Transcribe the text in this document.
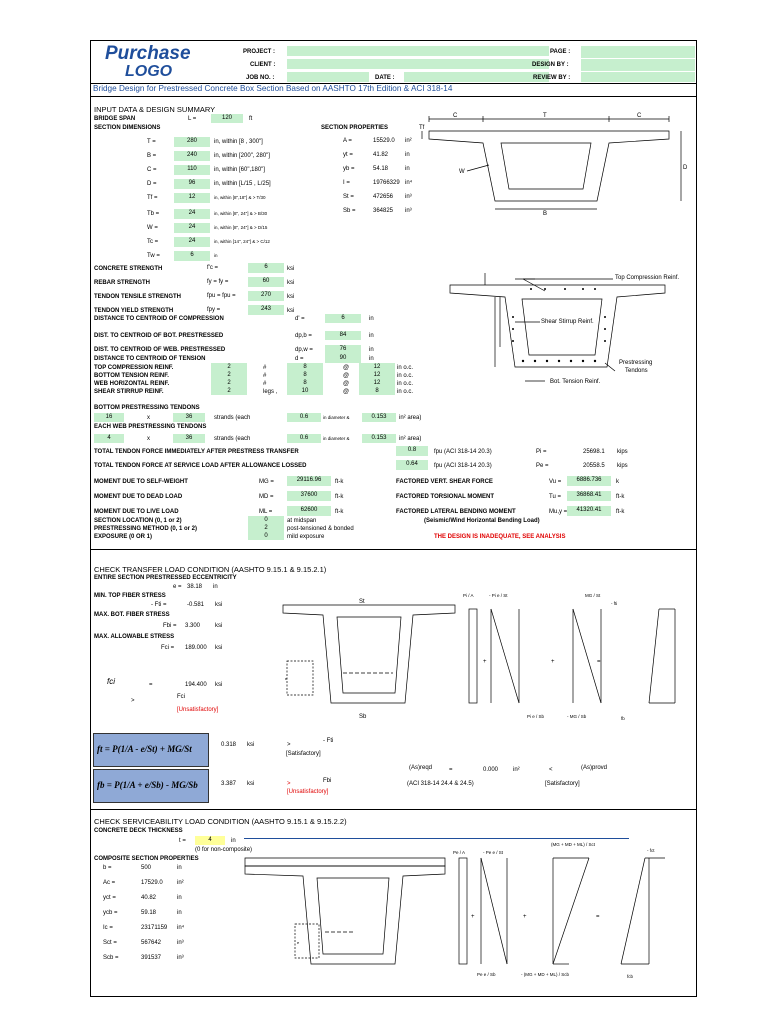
Purchase
LOGO
PROJECT :
CLIENT :
JOB NO. :	DATE :
PAGE :
DESIGN BY :
REVIEW BY :
Bridge Design for Prestressed Concrete Box Section Based on AASHTO 17th Edition & ACI 318-14
INPUT DATA & DESIGN SUMMARY
BRIDGE SPAN	L =	120	ft
SECTION DIMENSIONS	SECTION PROPERTIES
T =	280	in, within [8 , 300"]
B =	240	in, within [200", 280"]
C =	110	in, within [60",180"]
D =	96	in, within [L/15 , L/25]
Tf =	12	in, within [8",18"] & > T/30
Tb =	24	in, within [8", 24"] & > B/30
W =	24	in, within [8", 24"] & > D/15
Tc =	24	in, within [14", 24"] & > C/12
Tw =	6	in
A =	15529.0 in²
yt =	41.82	in
yb =	54.18	in
I =	19766329 in⁴
St =	472656 in³
Sb =	364825 in³
CONCRETE STRENGTH	f'c =	6	ksi
REBAR STRENGTH	fy = fy =	60	ksi
TENDON TENSILE STRENGTH	fpu = fpu =	270	ksi
TENDON YIELD STRENGTH	fpy =	243	ksi
DISTANCE TO CENTROID OF COMPRESSION	d' =	6	in
DIST. TO CENTROID OF BOT. PRESTRESSED	dp,b =	84	in
DIST. TO CENTROID OF WEB. PRESTRESSED	dp,w =	76	in
DISTANCE TO CENTROID OF TENSION	d =	90	in
TOP COMPRESSION REINF.	2	#	8	@	12	in o.c.
BOTTOM TENSION REINF.	2	#	8	@	12	in o.c.
WEB HORIZONTAL REINF.	2	#	8	@	12	in o.c.
SHEAR STIRRUP REINF.	2	legs ,	10	@	8	in o.c.
BOTTOM PRESTRESSING TENDONS
16	x	36	strands (each	0.6	in diameter &	0.153	in² area)
EACH WEB PRESTRESSING TENDONS
4	x	36	strands (each	0.6	in diameter &	0.153	in² area)
TOTAL TENDON FORCE IMMEDIATELY AFTER PRESTRESS TRANSFER	0.8	fpu (ACI 318-14 20.3)	Pi =	25698.1 kips
TOTAL TENDON FORCE AT SERVICE LOAD AFTER ALLOWANCE LOSSED	0.64	fpu (ACI 318-14 20.3)	Pe =	20558.5 kips
MOMENT DUE TO SELF-WEIGHT	MG =	29116.96	ft-k	FACTORED VERT. SHEAR FORCE	Vu =	6886.736	k
MOMENT DUE TO DEAD LOAD	MD =	37600	ft-k	FACTORED TORSIONAL MOMENT	Tu =	36868.41	ft-k
MOMENT DUE TO LIVE LOAD	ML =	62600	ft-k	FACTORED LATERAL BENDING MOMENT	Mu,y =	41320.41	ft-k
(Seismic/Wind Horizontal Bending Load)
SECTION LOCATION (0, 1 or 2)	0	at midspan
PRESTRESSING METHOD (0, 1 or 2)	2	post-tensioned & bonded
EXPOSURE (0 OR 1)	0	mild exposure	THE DESIGN IS INADEQUATE, SEE ANALYSIS
C	T	C
D
B
W
Tf
Top Compression Reinf.
Shear Stirrup Reinf.
Prestressing
Tendons
Bot. Tension Reinf.
CHECK TRANSFER LOAD CONDITION (AASHTO 9.15.1 & 9.15.2.1)
ENTIRE SECTION PRESTRESSED ECCENTRICITY
e = 38.18 in
MIN. TOP FIBER STRESS
- Fti =	-0.581 ksi
MAX. BOT. FIBER STRESS
Fbi = 3.300 ksi
MAX. ALLOWABLE STRESS
Fci = 189.000 ksi
fci	=	194.400 ksi
>
Fci
[Unsatisfactory]
ft = P(1/A - e/St) + MG/St	0.318 ksi	>
- Fti
[Satisfactory]
fb = P(1/A + e/Sb) - MG/Sb	3.387 ksi	>	Fbi
[Unsatisfactory]
(As)reqd	=	0.000 in²	<	(As)provd
(ACI 318-14 24.4 & 24.5)	[Satisfactory]
St
Sb
e
Pi / A	- Pi e / St	MG / St
- fti
Pi e / Sb	- MG / Sb	fb
+	+	=
CHECK SERVICEABILITY LOAD CONDITION (AASHTO 9.15.1 & 9.15.2.2)
CONCRETE DECK THICKNESS
t =	4	in
(0 for non-composite)
COMPOSITE SECTION PROPERTIES
b =	500	in
Ac =	17529.0 in²
yct =	40.82	in
ycb =	59.18	in
Ic =	23171159 in⁴
Sct =	567642	in³
Scb =	391537	in³
e
Pe / A	- Pe e / St
(MG + MD + ML) / Sct
- fct
Pe e / Sb	- (MG + MD + ML) / Scb	fcb
+	+	=
